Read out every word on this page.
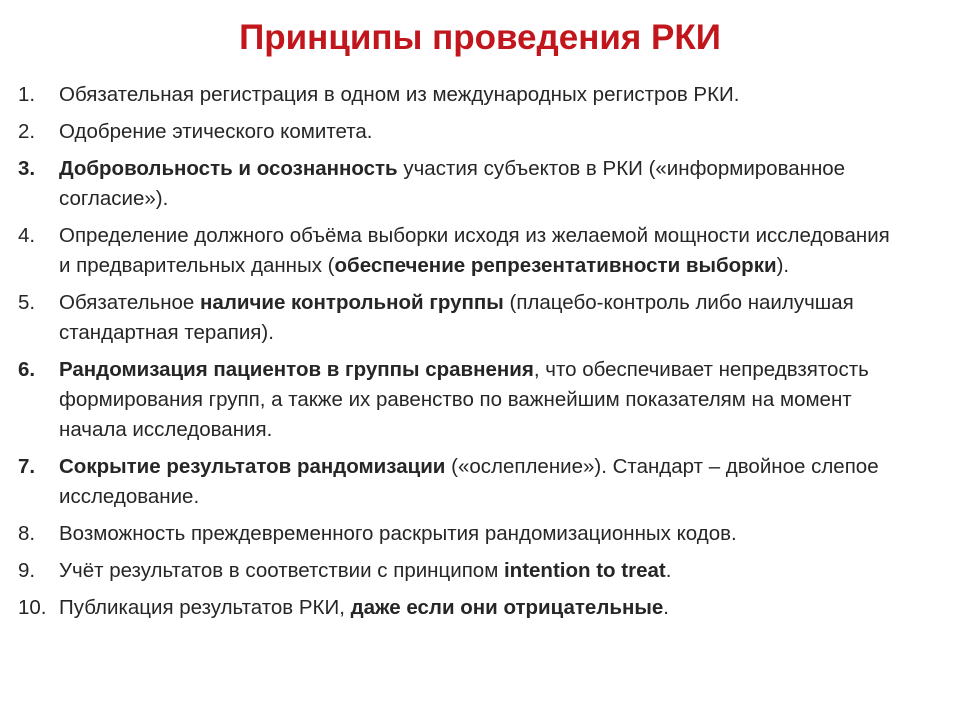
Принципы проведения РКИ
1.	Обязательная регистрация в одном из международных регистров РКИ.
2.	Одобрение этического комитета.
3.	Добровольность и осознанность участия субъектов в РКИ («информированное согласие»).
4.	Определение должного объёма выборки исходя из желаемой мощности исследования и предварительных данных (обеспечение репрезентативности выборки).
5.	Обязательное наличие контрольной группы (плацебо-контроль либо наилучшая стандартная терапия).
6.	Рандомизация пациентов в группы сравнения, что обеспечивает непредвзятость формирования групп, а также их равенство по важнейшим показателям на момент начала исследования.
7.	Сокрытие результатов рандомизации («ослепление»). Стандарт – двойное слепое исследование.
8.	Возможность преждевременного раскрытия рандомизационных кодов.
9.	Учёт результатов в соответствии с принципом intention to treat.
10. Публикация результатов РКИ, даже если они отрицательные.
